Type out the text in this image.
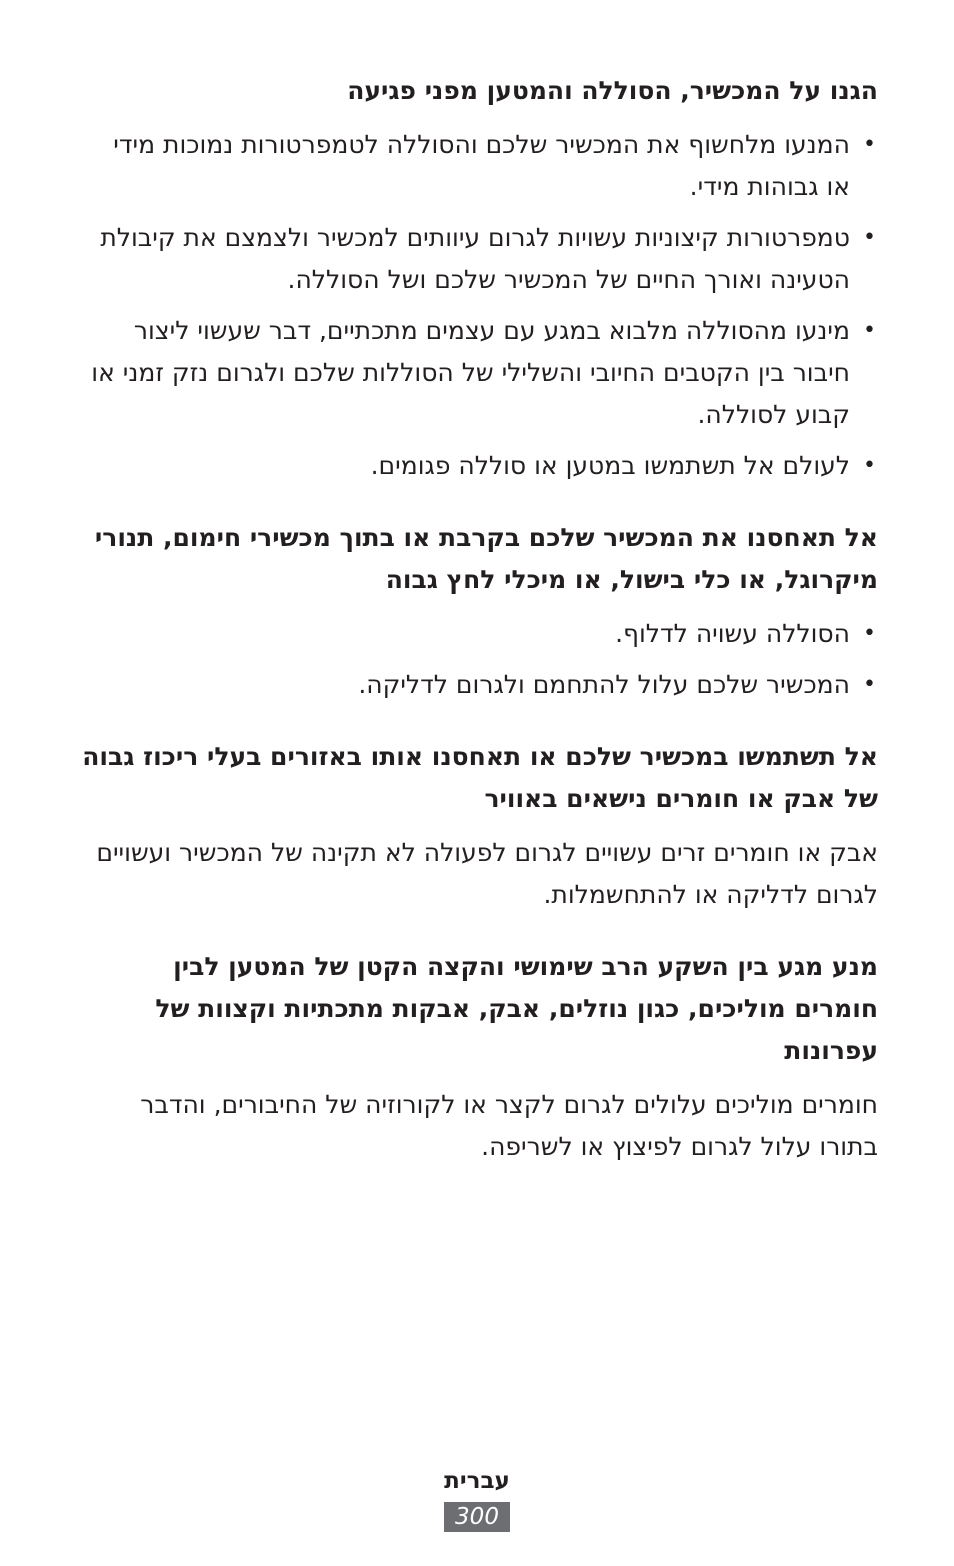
הגנו על המכשיר, הסוללה והמטען מפני פגיעה
•
המנעו מלחשוף את המכשיר שלכם והסוללה לטמפרטורות נמוכות מידי או גבוהות מידי.
•
טמפרטורות קיצוניות עשויות לגרום עיוותים למכשיר ולצמצם את קיבולת הטעינה ואורך החיים של המכשיר שלכם ושל הסוללה.
•
מינעו מהסוללה מלבוא במגע עם עצמים מתכתיים, דבר שעשוי ליצור חיבור בין הקטבים החיובי והשלילי של הסוללות שלכם ולגרום נזק זמני או קבוע לסוללה.
•
לעולם אל תשתמשו במטען או סוללה פגומים.
אל תאחסנו את המכשיר שלכם בקרבת או בתוך מכשירי חימום, תנורי מיקרוגל, או כלי בישול, או מיכלי לחץ גבוה
•
הסוללה עשויה לדלוף.
•
המכשיר שלכם עלול להתחמם ולגרום לדליקה.
אל תשתמשו במכשיר שלכם או תאחסנו אותו באזורים בעלי ריכוז גבוה של אבק או חומרים נישאים באוויר

אבק או חומרים זרים עשויים לגרום לפעולה לא תקינה של המכשיר ועשויים לגרום לדליקה או להתחשמלות.

מנע מגע בין השקע הרב שימושי והקצה הקטן של המטען לבין חומרים מוליכים, כגון נוזלים, אבק, אבקות מתכתיות וקצוות של עפרונות

חומרים מוליכים עלולים לגרום לקצר או לקורוזיה של החיבורים, והדבר בתורו עלול לגרום לפיצוץ או לשריפה.

עברית
300
